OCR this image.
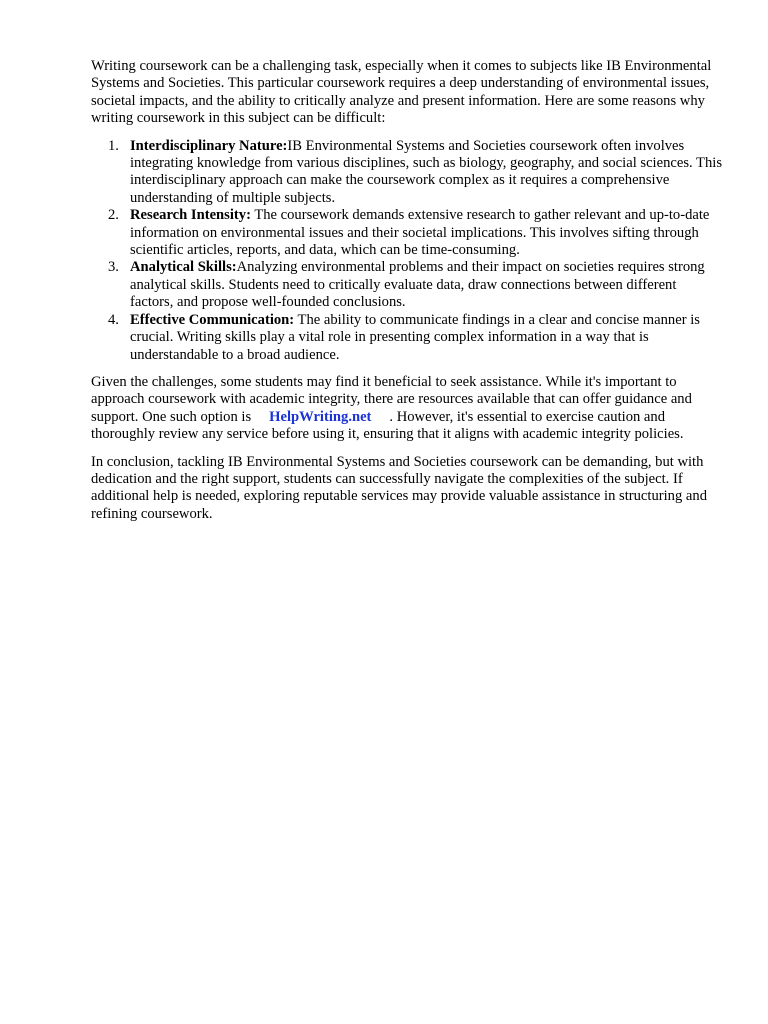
Writing coursework can be a challenging task, especially when it comes to subjects like IB Environmental Systems and Societies. This particular coursework requires a deep understanding of environmental issues, societal impacts, and the ability to critically analyze and present information. Here are some reasons why writing coursework in this subject can be difficult:

1. Interdisciplinary Nature:IB Environmental Systems and Societies coursework often involves integrating knowledge from various disciplines, such as biology, geography, and social sciences. This interdisciplinary approach can make the coursework complex as it requires a comprehensive understanding of multiple subjects.
2. Research Intensity: The coursework demands extensive research to gather relevant and up-to-date information on environmental issues and their societal implications. This involves sifting through scientific articles, reports, and data, which can be time-consuming.
3. Analytical Skills:Analyzing environmental problems and their impact on societies requires strong analytical skills. Students need to critically evaluate data, draw connections between different factors, and propose well-founded conclusions.
4. Effective Communication: The ability to communicate findings in a clear and concise manner is crucial. Writing skills play a vital role in presenting complex information in a way that is understandable to a broad audience.

Given the challenges, some students may find it beneficial to seek assistance. While it's important to approach coursework with academic integrity, there are resources available that can offer guidance and support. One such option is HelpWriting.net . However, it's essential to exercise caution and thoroughly review any service before using it, ensuring that it aligns with academic integrity policies.

In conclusion, tackling IB Environmental Systems and Societies coursework can be demanding, but with dedication and the right support, students can successfully navigate the complexities of the subject. If additional help is needed, exploring reputable services may provide valuable assistance in structuring and refining coursework.
